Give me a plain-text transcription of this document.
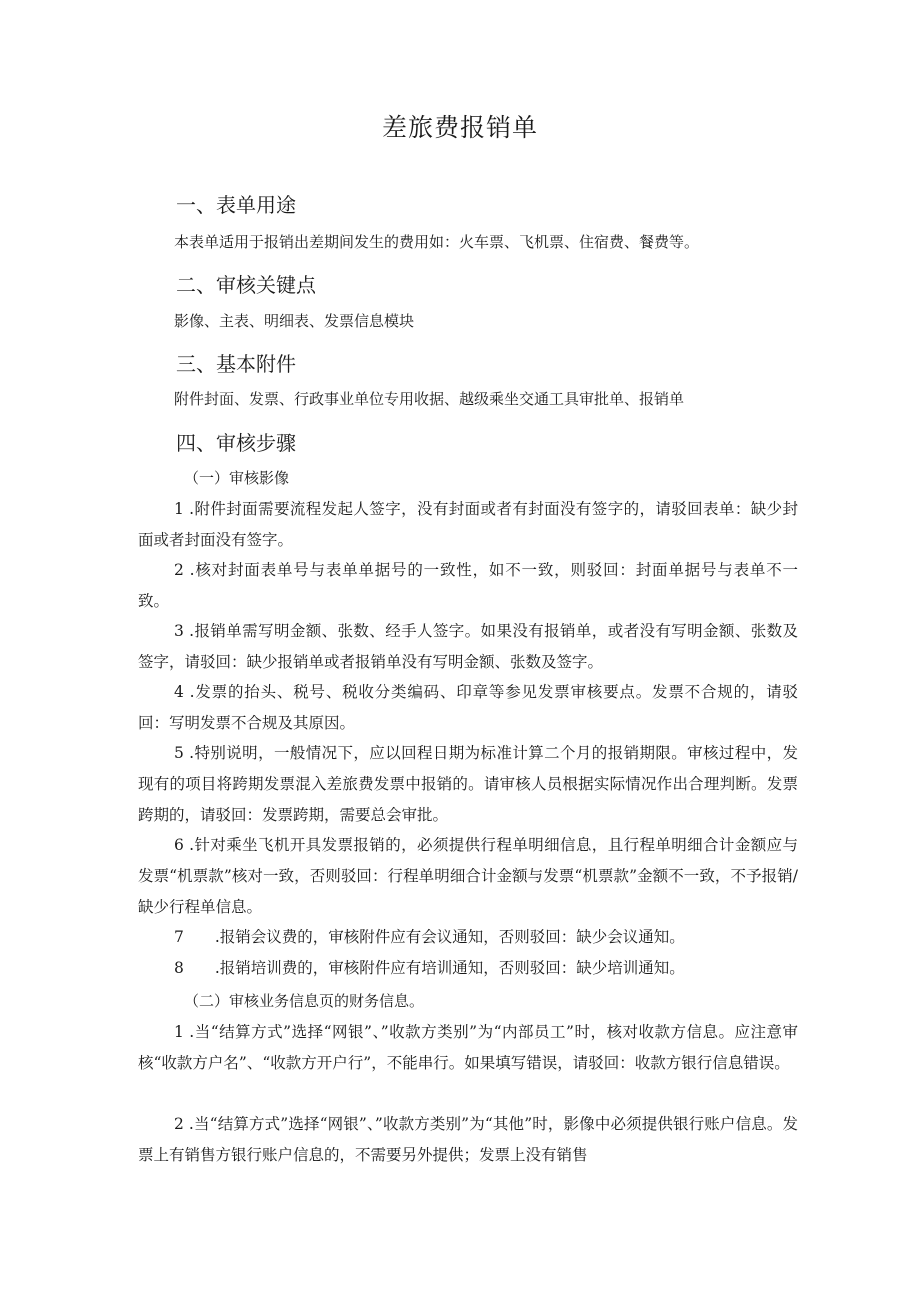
差旅费报销单
一、表单用途
本表单适用于报销出差期间发生的费用如：火车票、飞机票、住宿费、餐费等。
二、审核关键点
影像、主表、明细表、发票信息模块
三、基本附件
附件封面、发票、行政事业单位专用收据、越级乘坐交通工具审批单、报销单
四、审核步骤
（一）审核影像
1 .附件封面需要流程发起人签字，没有封面或者有封面没有签字的，请驳回表单：缺少封面或者封面没有签字。
2 .核对封面表单号与表单单据号的一致性，如不一致，则驳回：封面单据号与表单不一致。
3 .报销单需写明金额、张数、经手人签字。如果没有报销单，或者没有写明金额、张数及签字，请驳回：缺少报销单或者报销单没有写明金额、张数及签字。
4 .发票的抬头、税号、税收分类编码、印章等参见发票审核要点。发票不合规的，请驳回：写明发票不合规及其原因。
5 .特别说明，一般情况下，应以回程日期为标准计算二个月的报销期限。审核过程中，发现有的项目将跨期发票混入差旅费发票中报销的。请审核人员根据实际情况作出合理判断。发票跨期的，请驳回：发票跨期，需要总会审批。
6 .针对乘坐飞机开具发票报销的，必须提供行程单明细信息，且行程单明细合计金额应与发票“机票款”核对一致，否则驳回：行程单明细合计金额与发票“机票款”金额不一致，不予报销/缺少行程单信息。
7　　.报销会议费的，审核附件应有会议通知，否则驳回：缺少会议通知。
8　　.报销培训费的，审核附件应有培训通知，否则驳回：缺少培训通知。
（二）审核业务信息页的财务信息。
1 .当“结算方式”选择“网银”、”收款方类别”为“内部员工”时，核对收款方信息。应注意审核“收款方户名”、“收款方开户行”，不能串行。如果填写错误，请驳回：收款方银行信息错误。
2 .当“结算方式”选择“网银”、”收款方类别”为“其他”时，影像中必须提供银行账户信息。发票上有销售方银行账户信息的，不需要另外提供；发票上没有销售
